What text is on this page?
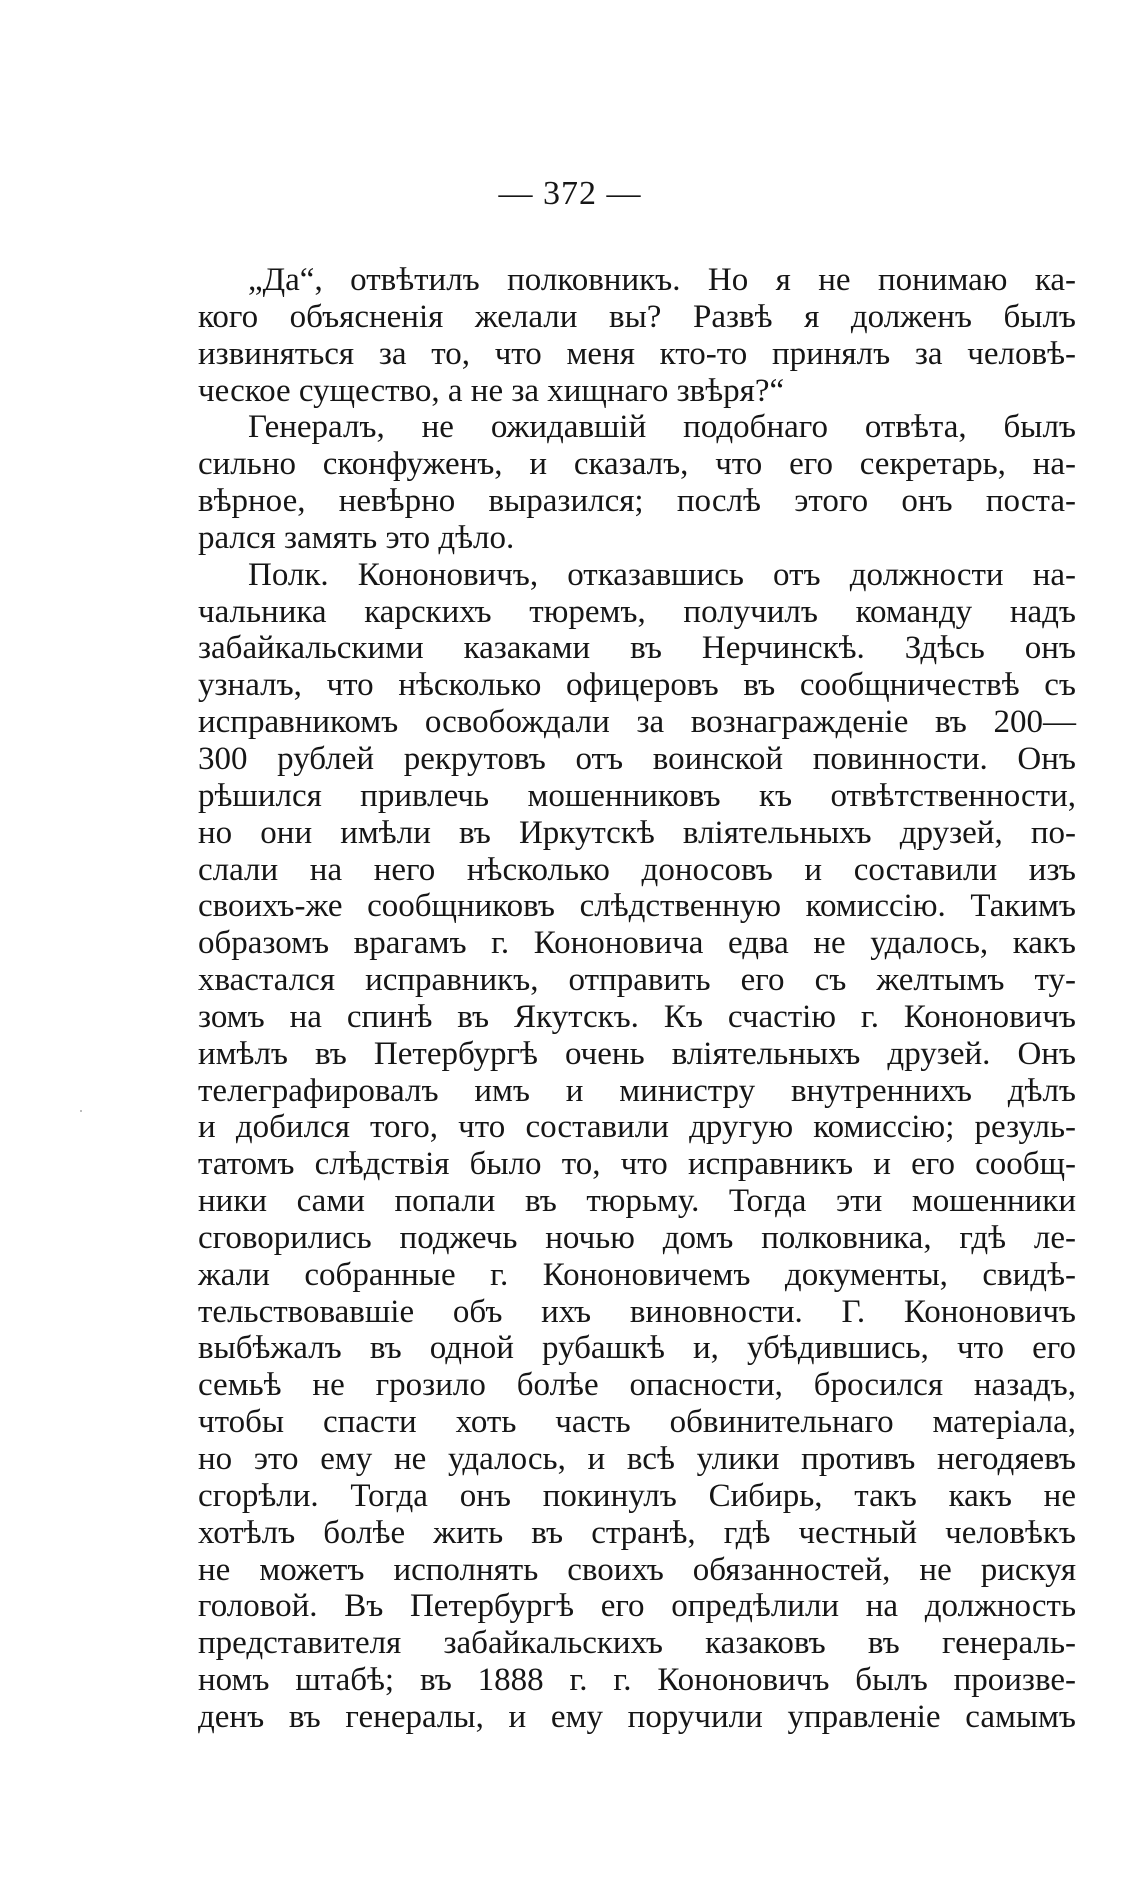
— 372 —
„Да“, отвѣтилъ полковникъ. Но я не понимаю ка-
кого объясненія желали вы? Развѣ я долженъ былъ
извиняться за то, что меня кто-то принялъ за человѣ-
ческое существо, а не за хищнаго звѣря?“
Генералъ, не ожидавшій подобнаго отвѣта, былъ
сильно сконфуженъ, и сказалъ, что его секретарь, на-
вѣрное, невѣрно выразился; послѣ этого онъ поста-
рался замять это дѣло.
Полк. Кононовичъ, отказавшись отъ должности на-
чальника карскихъ тюремъ, получилъ команду надъ
забайкальскими казаками въ Нерчинскѣ. Здѣсь онъ
узналъ, что нѣсколько офицеровъ въ сообщничествѣ съ
исправникомъ освобождали за вознагражденіе въ 200—
300 рублей рекрутовъ отъ воинской повинности. Онъ
рѣшился привлечь мошенниковъ къ отвѣтственности,
но они имѣли въ Иркутскѣ вліятельныхъ друзей, по-
слали на него нѣсколько доносовъ и составили изъ
своихъ-же сообщниковъ слѣдственную комиссію. Такимъ
образомъ врагамъ г. Кононовича едва не удалось, какъ
хвастался исправникъ, отправить его съ желтымъ ту-
зомъ на спинѣ въ Якутскъ. Къ счастію г. Кононовичъ
имѣлъ въ Петербургѣ очень вліятельныхъ друзей. Онъ
телеграфировалъ имъ и министру внутреннихъ дѣлъ
и добился того, что составили другую комиссію; резуль-
татомъ слѣдствія было то, что исправникъ и его сообщ-
ники сами попали въ тюрьму. Тогда эти мошенники
сговорились поджечь ночью домъ полковника, гдѣ ле-
жали собранные г. Кононовичемъ документы, свидѣ-
тельствовавшіе объ ихъ виновности. Г. Кононовичъ
выбѣжалъ въ одной рубашкѣ и, убѣдившись, что его
семьѣ не грозило болѣе опасности, бросился назадъ,
чтобы спасти хоть часть обвинительнаго матеріала,
но это ему не удалось, и всѣ улики противъ негодяевъ
сгорѣли. Тогда онъ покинулъ Сибирь, такъ какъ не
хотѣлъ болѣе жить въ странѣ, гдѣ честный человѣкъ
не можетъ исполнять своихъ обязанностей, не рискуя
головой. Въ Петербургѣ его опредѣлили на должность
представителя забайкальскихъ казаковъ въ генераль-
номъ штабѣ; въ 1888 г. г. Кононовичъ былъ произве-
денъ въ генералы, и ему поручили управленіе самымъ
